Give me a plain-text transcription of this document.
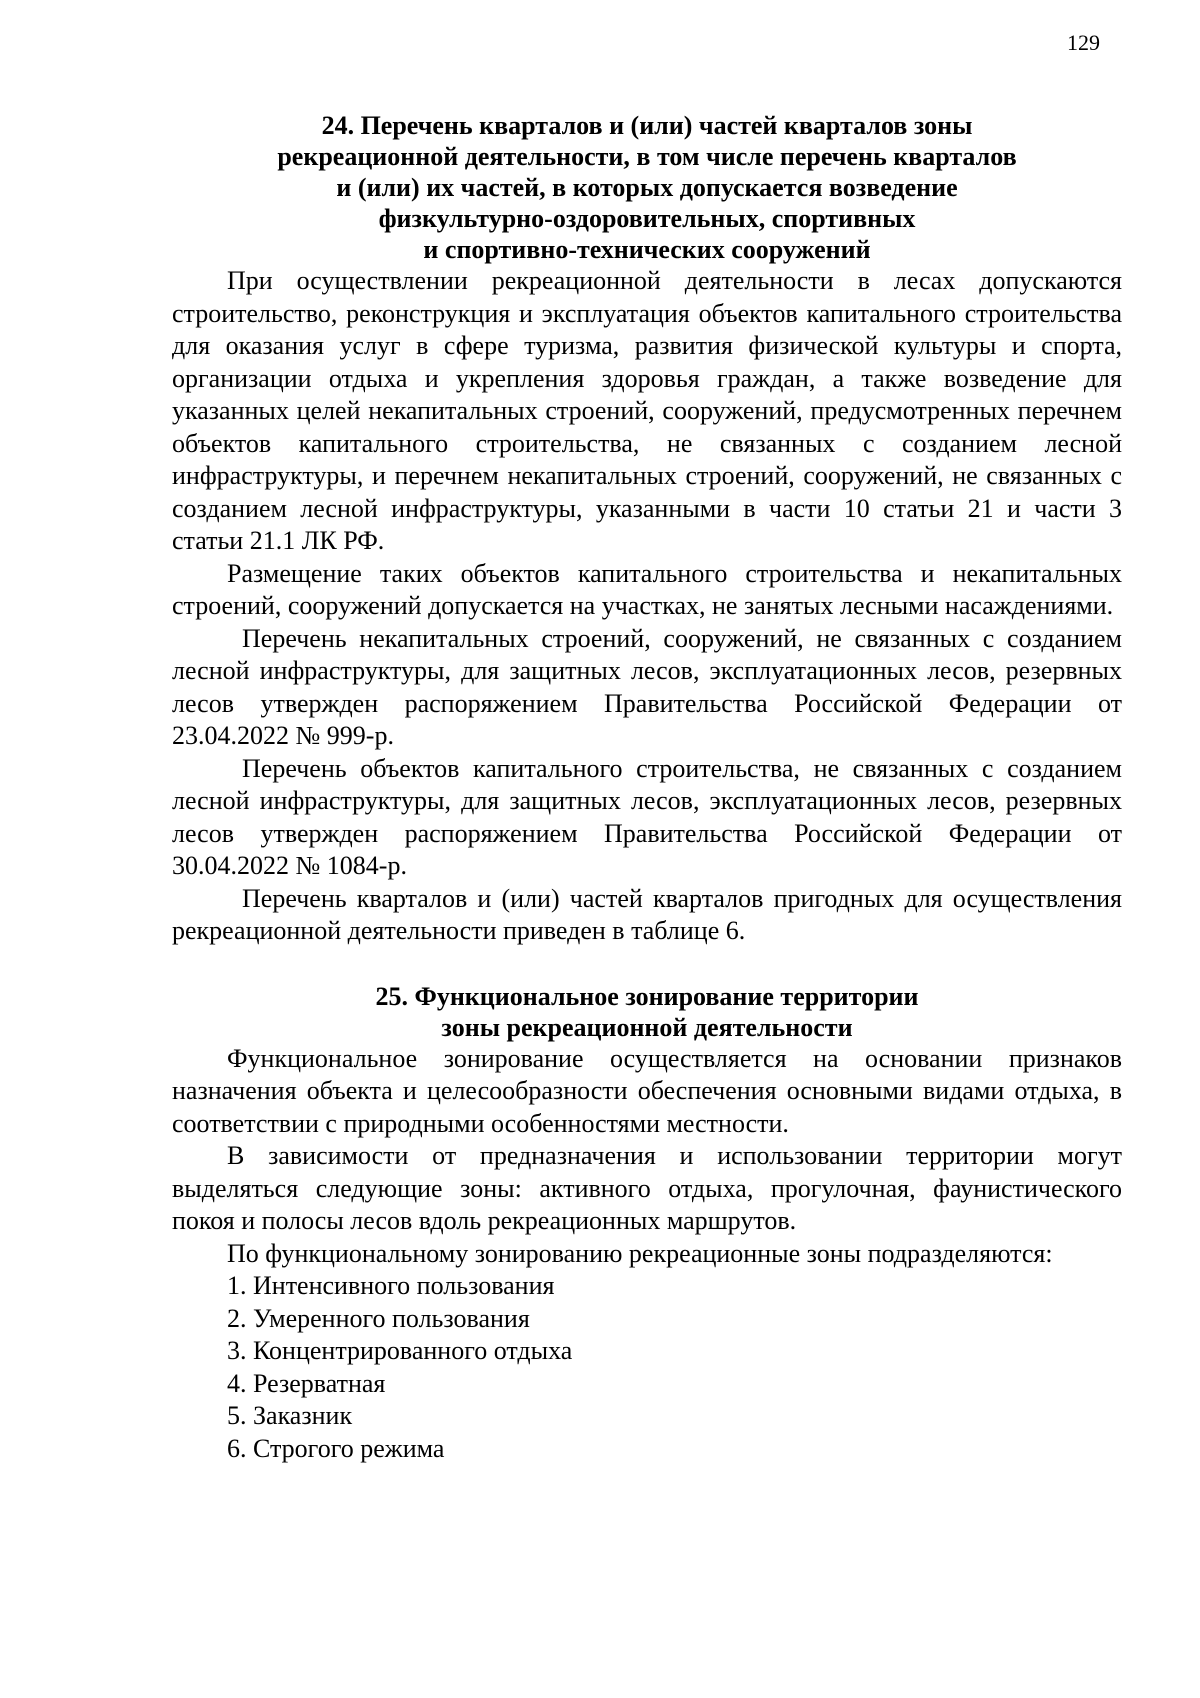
129
24. Перечень кварталов и (или) частей кварталов зоны
рекреационной деятельности, в том числе перечень кварталов
и (или) их частей, в которых допускается возведение
физкультурно-оздоровительных, спортивных
и спортивно-технических сооружений

При осуществлении рекреационной деятельности в лесах допускаются строительство, реконструкция и эксплуатация объектов капитального строительства для оказания услуг в сфере туризма, развития физической культуры и спорта, организации отдыха и укрепления здоровья граждан, а также возведение для указанных целей некапитальных строений, сооружений, предусмотренных перечнем объектов капитального строительства, не связанных с созданием лесной инфраструктуры, и перечнем некапитальных строений, сооружений, не связанных с созданием лесной инфраструктуры, указанными в части 10 статьи 21 и части 3 статьи 21.1 ЛК РФ.

Размещение таких объектов капитального строительства и некапитальных строений, сооружений допускается на участках, не занятых лесными насаждениями.

Перечень некапитальных строений, сооружений, не связанных с созданием лесной инфраструктуры, для защитных лесов, эксплуатационных лесов, резервных лесов утвержден распоряжением Правительства Российской Федерации от 23.04.2022 № 999-р.

Перечень объектов капитального строительства, не связанных с созданием лесной инфраструктуры, для защитных лесов, эксплуатационных лесов, резервных лесов утвержден распоряжением Правительства Российской Федерации от 30.04.2022 № 1084-р.

Перечень кварталов и (или) частей кварталов пригодных для осуществления рекреационной деятельности приведен в таблице 6.

25. Функциональное зонирование территории
зоны рекреационной деятельности

Функциональное зонирование осуществляется на основании признаков назначения объекта и целесообразности обеспечения основными видами отдыха, в соответствии с природными особенностями местности.

В зависимости от предназначения и использовании территории могут выделяться следующие зоны: активного отдыха, прогулочная, фаунистического покоя и полосы лесов вдоль рекреационных маршрутов.

По функциональному зонированию рекреационные зоны подразделяются:

1. Интенсивного пользования
2. Умеренного пользования
3. Концентрированного отдыха
4. Резерватная
5. Заказник
6. Строгого режима
